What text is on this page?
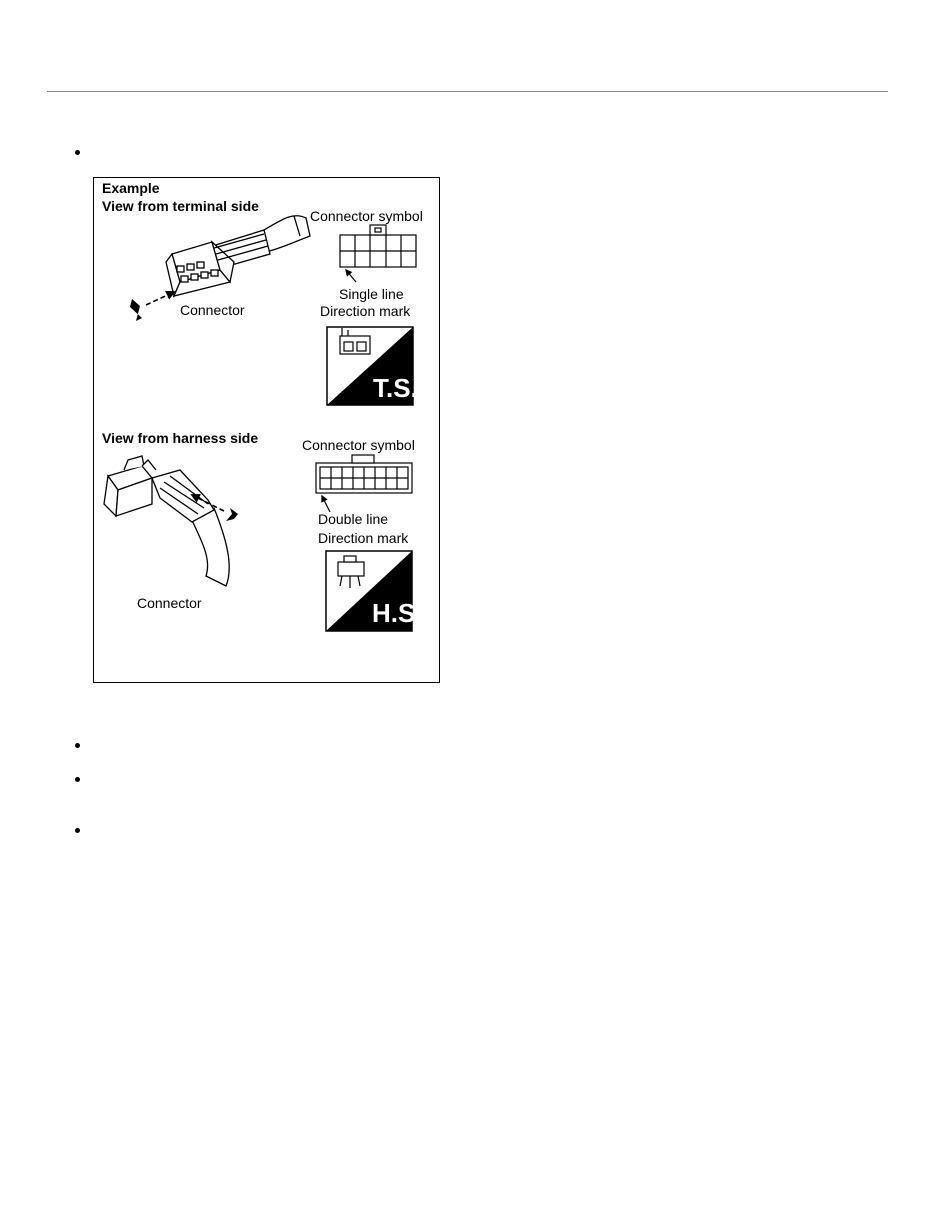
Example
View from terminal side
Connector
Connector symbol
Single line
Direction mark
T.S.
View from harness side
Connector
Connector symbol
Double line
Direction mark
H.S.
